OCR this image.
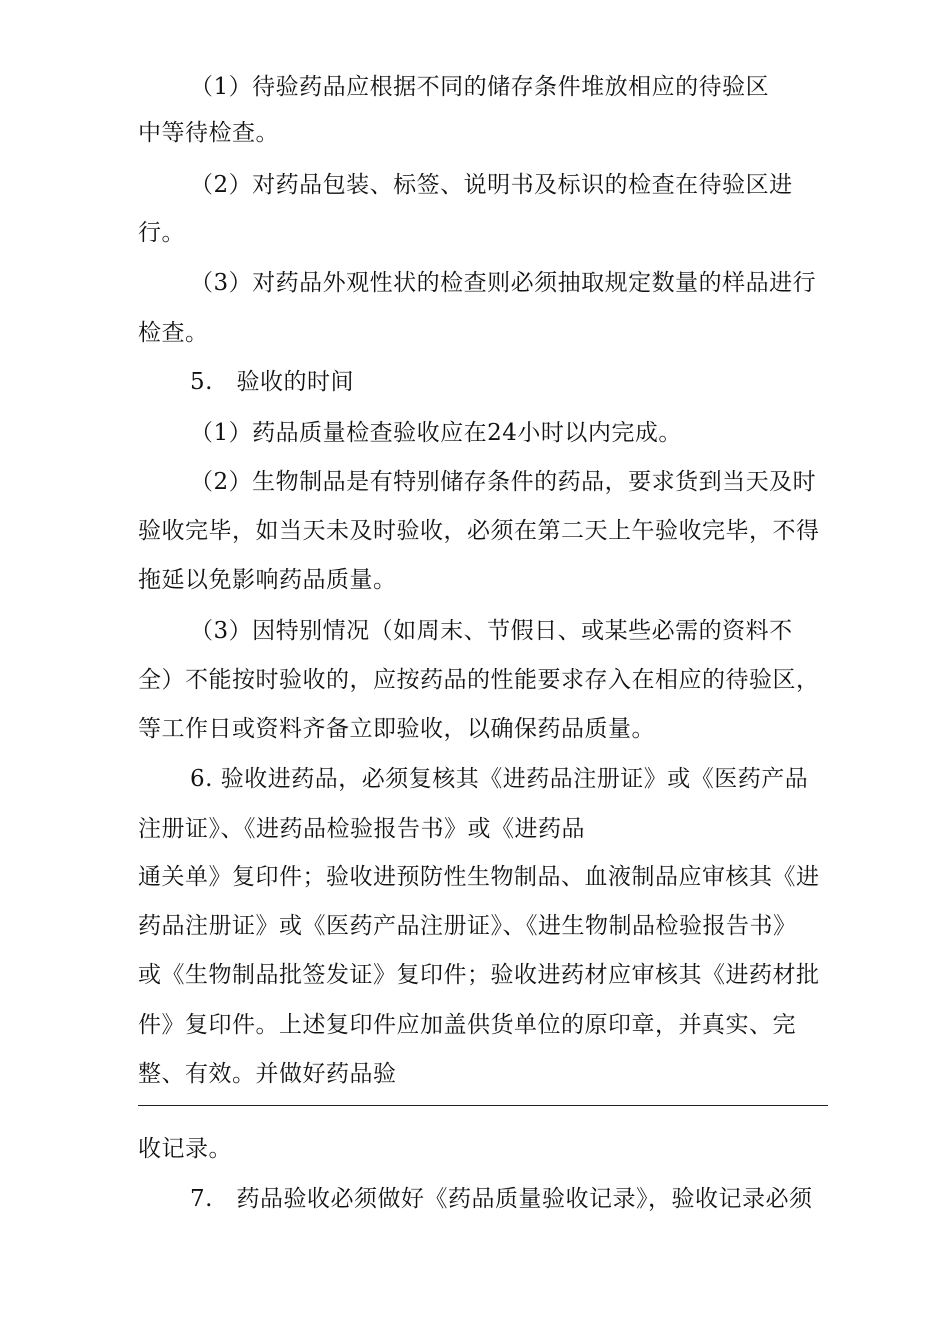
（1）待验药品应根据不同的储存条件堆放相应的待验区
中等待检查。
（2）对药品包装、标签、说明书及标识的检查在待验区进
行。
（3）对药品外观性状的检查则必须抽取规定数量的样品进行
检查。
5.　验收的时间
（1）药品质量检查验收应在24小时以内完成。
（2）生物制品是有特别储存条件的药品，要求货到当天及时
验收完毕，如当天未及时验收，必须在第二天上午验收完毕，不得
拖延以免影响药品质量。
（3）因特别情况（如周末、节假日、或某些必需的资料不
全）不能按时验收的，应按药品的性能要求存入在相应的待验区，
等工作日或资料齐备立即验收，以确保药品质量。
6. 验收进药品，必须复核其《进药品注册证》或《医药产品
注册证》、《进药品检验报告书》或《进药品
通关单》复印件；验收进预防性生物制品、血液制品应审核其《进
药品注册证》或《医药产品注册证》、《进生物制品检验报告书》
或《生物制品批签发证》复印件；验收进药材应审核其《进药材批
件》复印件。上述复印件应加盖供货单位的原印章，并真实、完
整、有效。并做好药品验
收记录。
7.　药品验收必须做好《药品质量验收记录》，验收记录必须
